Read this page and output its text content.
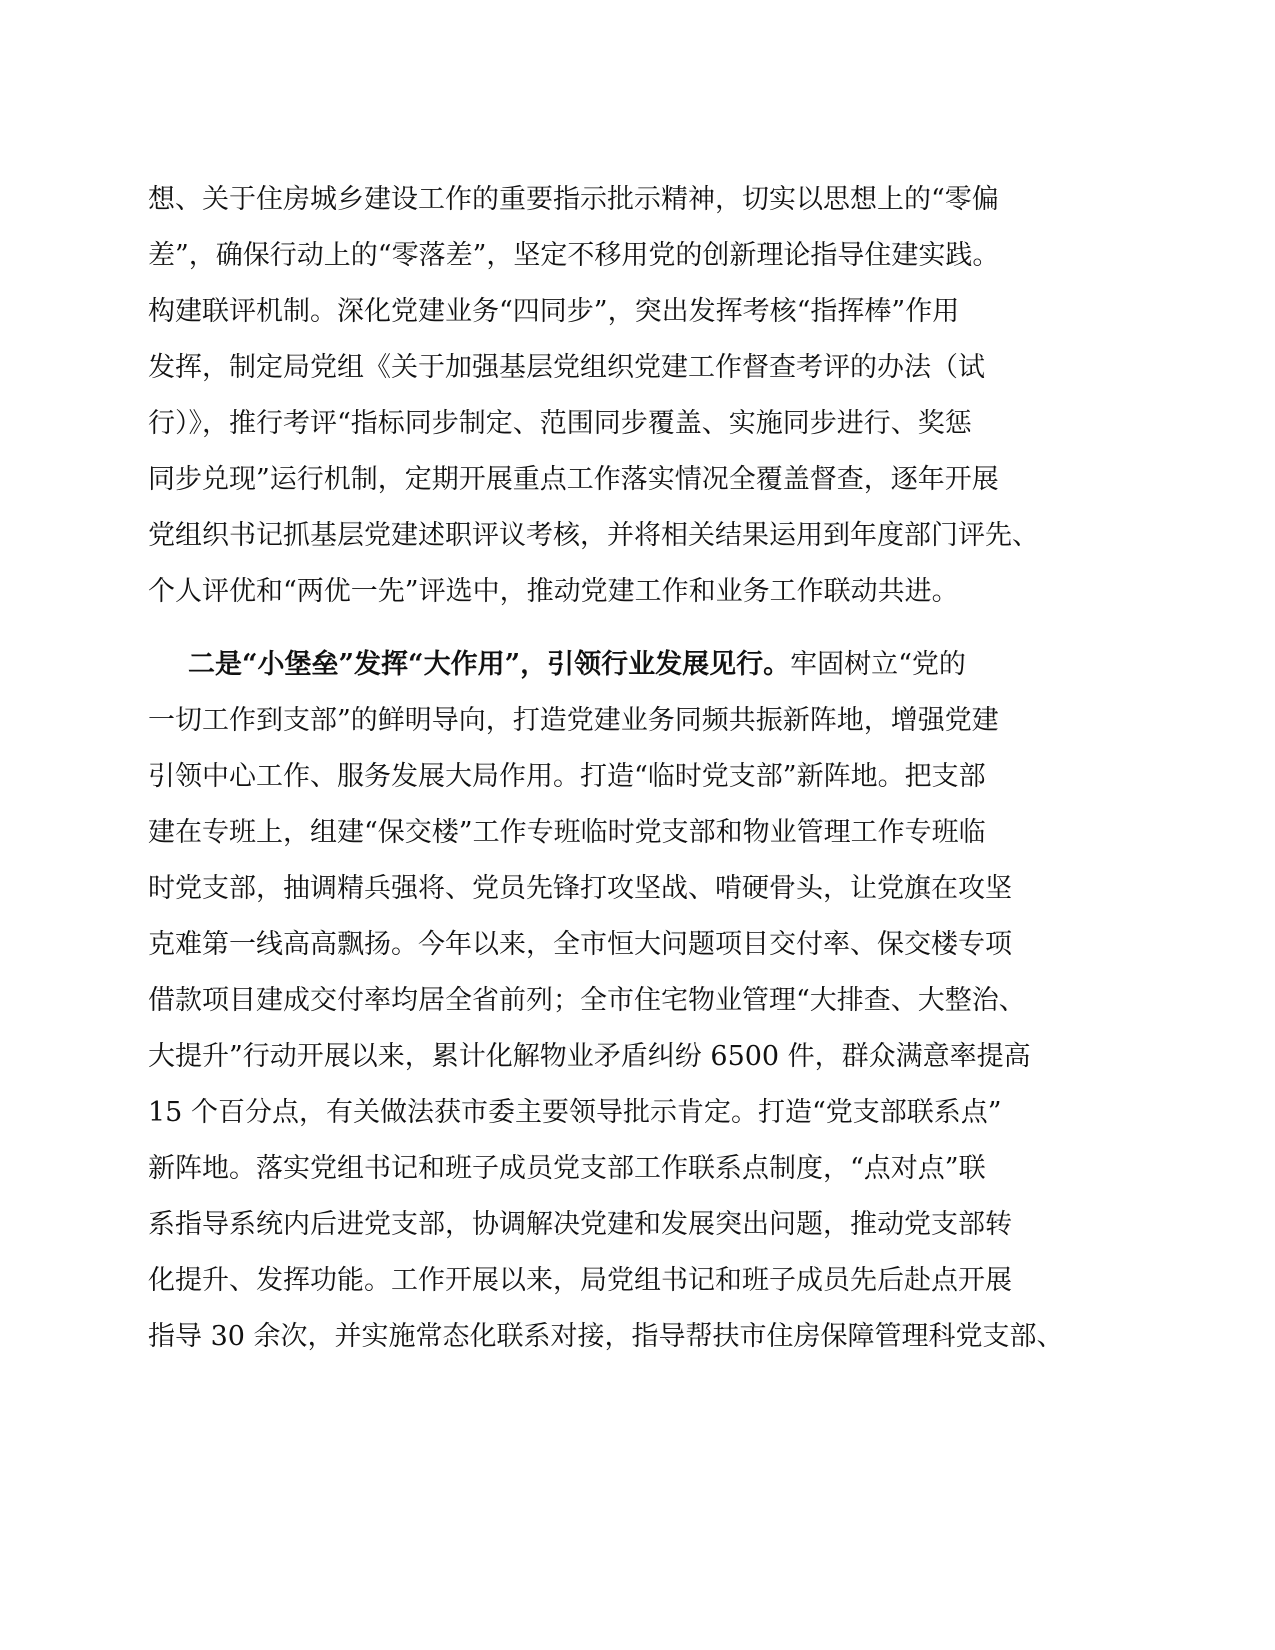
想、关于住房城乡建设工作的重要指示批示精神，切实以思想上的“零偏
差”，确保行动上的“零落差”，坚定不移用党的创新理论指导住建实践。
构建联评机制。深化党建业务“四同步”，突出发挥考核“指挥棒”作用
发挥，制定局党组《关于加强基层党组织党建工作督查考评的办法（试
行）》，推行考评“指标同步制定、范围同步覆盖、实施同步进行、奖惩
同步兑现”运行机制，定期开展重点工作落实情况全覆盖督查，逐年开展
党组织书记抓基层党建述职评议考核，并将相关结果运用到年度部门评先、
个人评优和“两优一先”评选中，推动党建工作和业务工作联动共进。
二是“小堡垒”发挥“大作用”，引领行业发展见行。牢固树立“党的
一切工作到支部”的鲜明导向，打造党建业务同频共振新阵地，增强党建
引领中心工作、服务发展大局作用。打造“临时党支部”新阵地。把支部
建在专班上，组建“保交楼”工作专班临时党支部和物业管理工作专班临
时党支部，抽调精兵强将、党员先锋打攻坚战、啃硬骨头，让党旗在攻坚
克难第一线高高飘扬。今年以来，全市恒大问题项目交付率、保交楼专项
借款项目建成交付率均居全省前列；全市住宅物业管理“大排查、大整治、
大提升”行动开展以来，累计化解物业矛盾纠纷 6500 件，群众满意率提高
15 个百分点，有关做法获市委主要领导批示肯定。打造“党支部联系点”
新阵地。落实党组书记和班子成员党支部工作联系点制度，“点对点”联
系指导系统内后进党支部，协调解决党建和发展突出问题，推动党支部转
化提升、发挥功能。工作开展以来，局党组书记和班子成员先后赴点开展
指导 30 余次，并实施常态化联系对接，指导帮扶市住房保障管理科党支部、
